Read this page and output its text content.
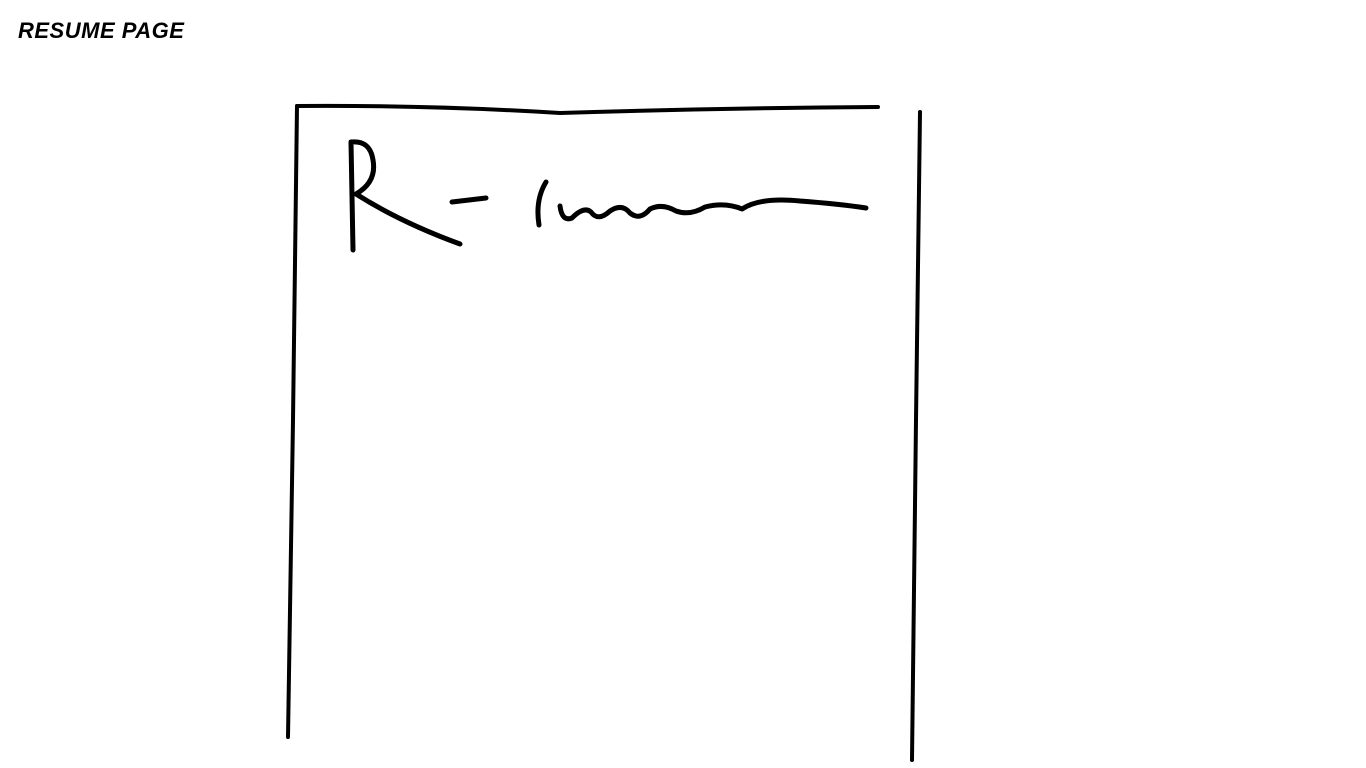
RESUME PAGE
